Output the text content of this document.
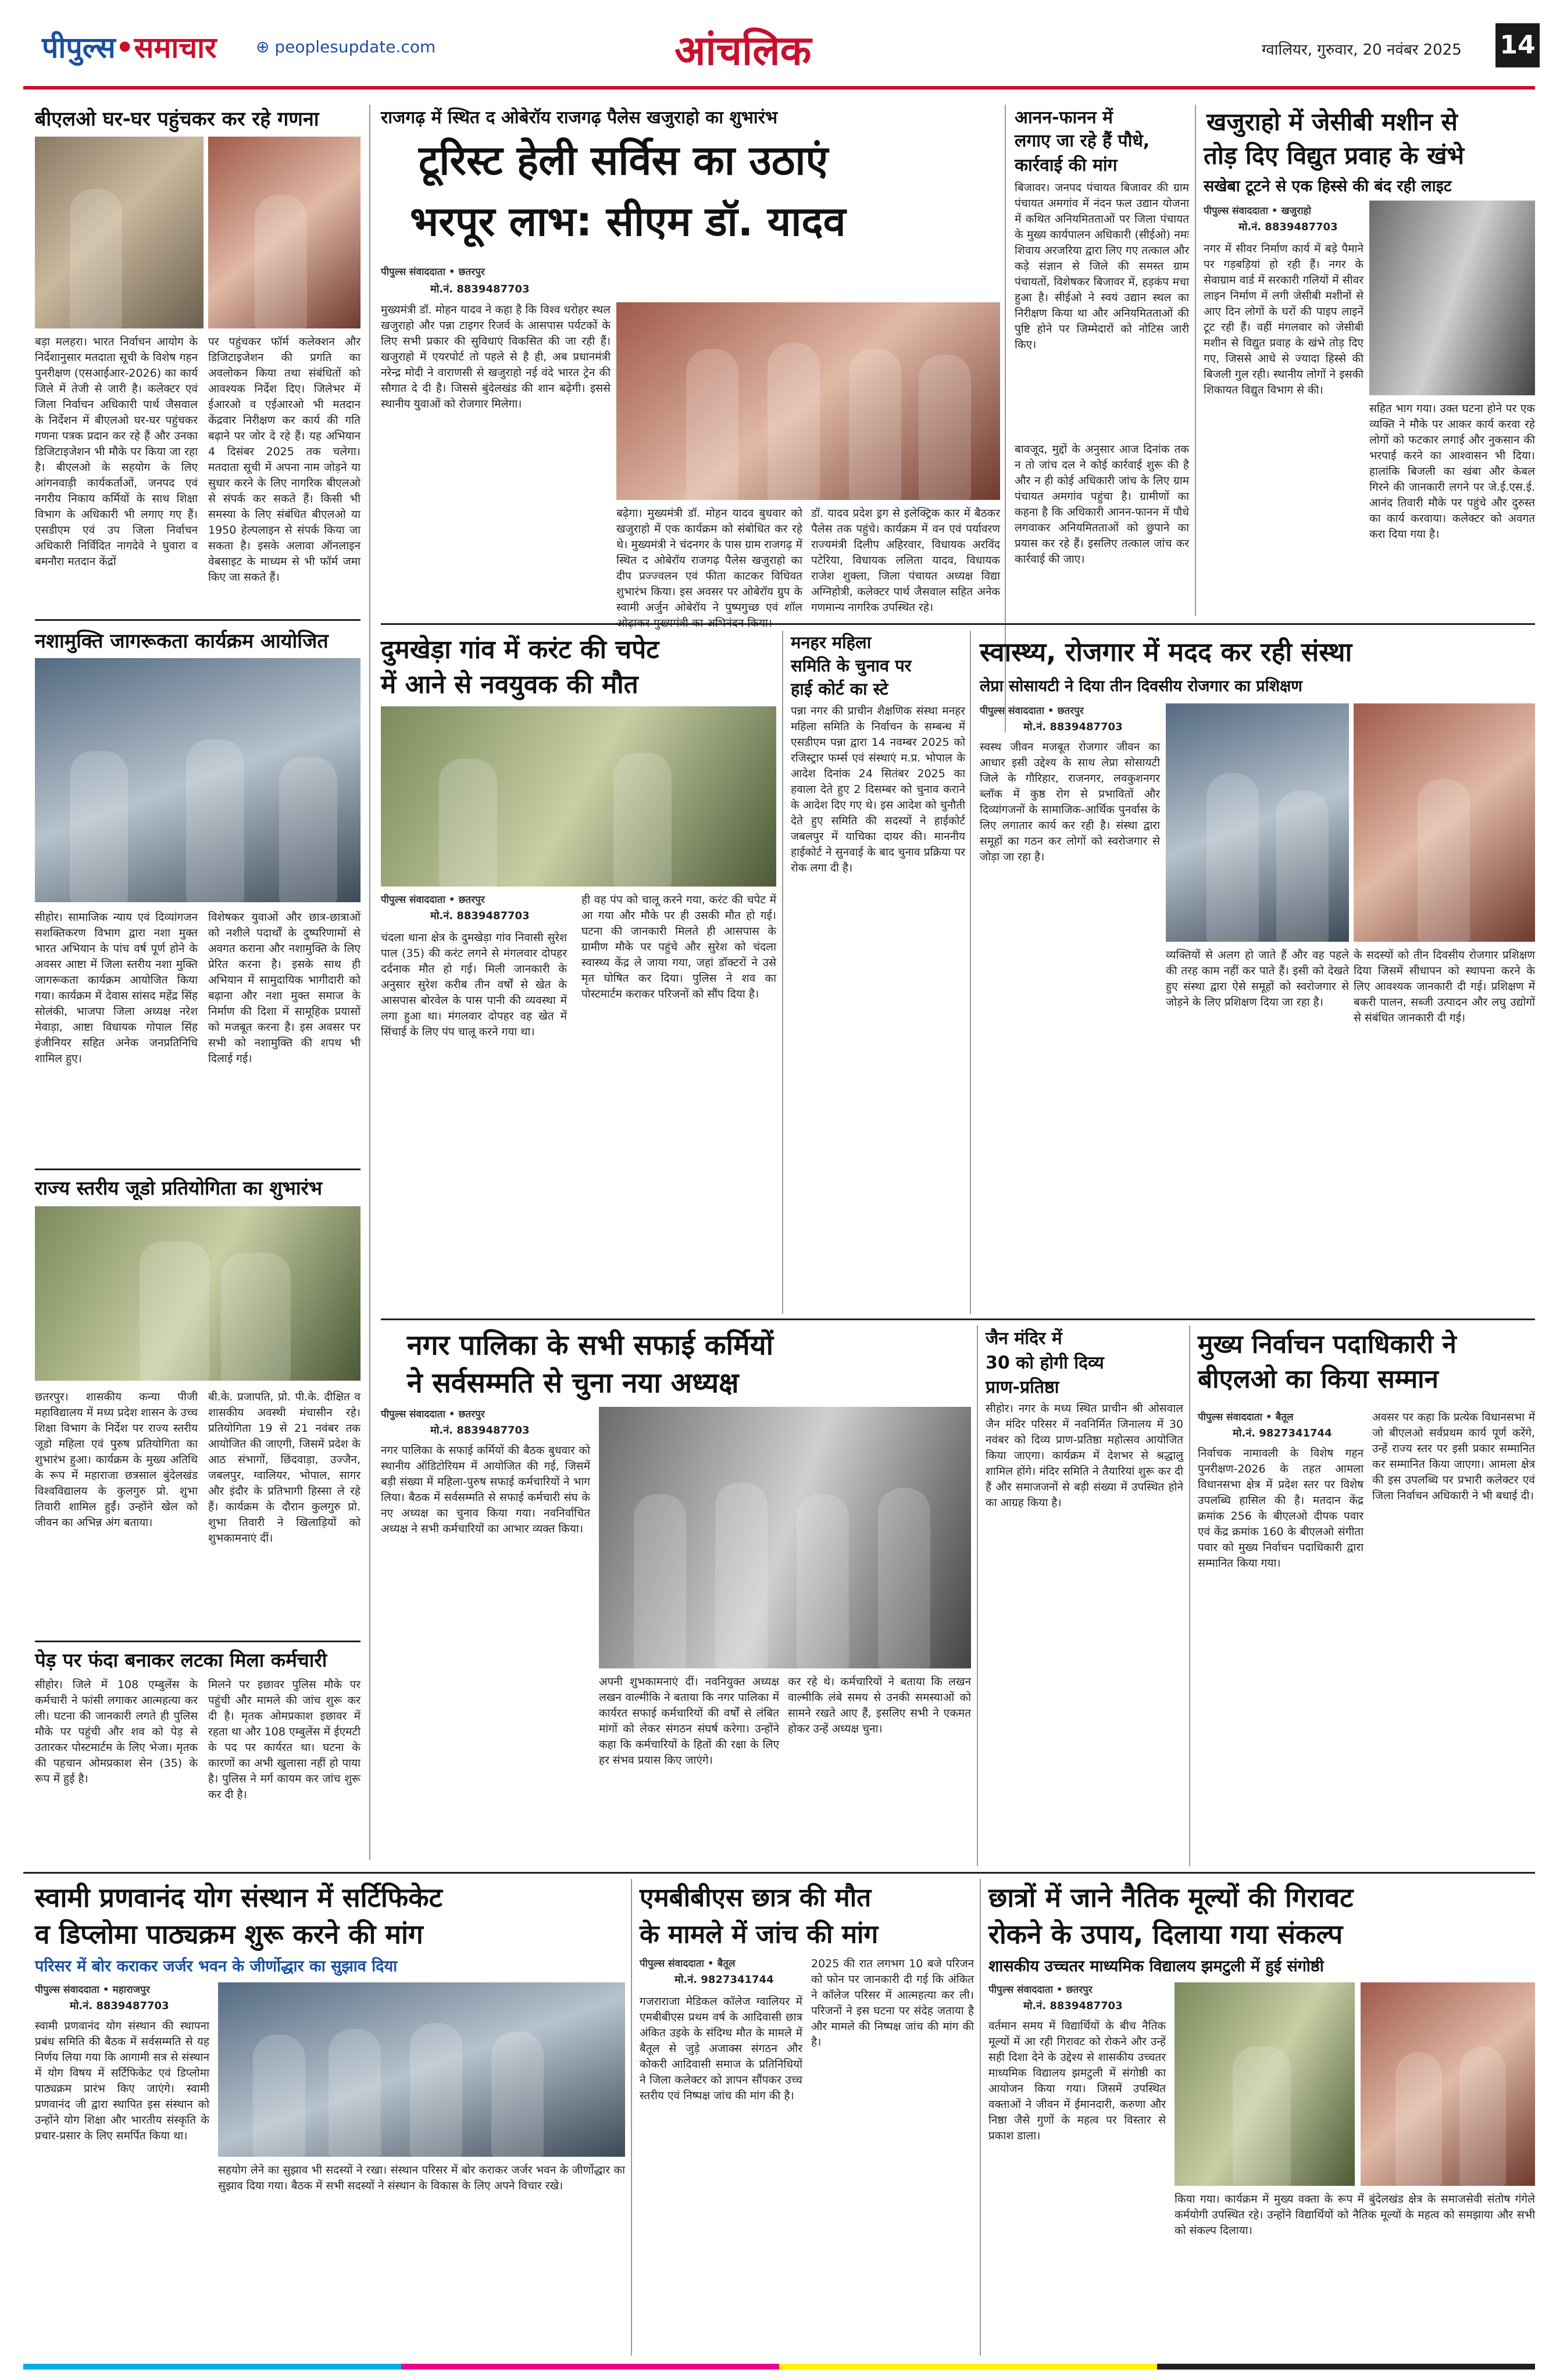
पीपुल्स•समाचार ⊕ peoplesupdate.com	आंचलिक	ग्वालियर, गुरुवार, 20 नवंबर 2025 14
बीएलओ घर-घर पहुंचकर कर रहे गणना
बड़ा मलहरा। भारत निर्वाचन आयोग के निर्देशानुसार मतदाता सूची के विशेष गहन पुनरीक्षण (एसआईआर-2026) का कार्य जिले में तेजी से जारी है। कलेक्टर एवं जिला निर्वाचन अधिकारी पार्थ जैसवाल के निर्देशन में बीएलओ घर-घर पहुंचकर गणना पत्रक प्रदान कर रहे हैं और उनका डिजिटाइजेशन भी मौके पर किया जा रहा है। बीएलओ के सहयोग के लिए आंगनवाड़ी कार्यकर्ताओं, जनपद एवं नगरीय निकाय कर्मियों के साथ शिक्षा विभाग के अधिकारी भी लगाए गए हैं। एसडीएम एवं उप जिला निर्वाचन अधिकारी निर्विदित नागदेवे ने घुवारा व बमनौरा मतदान केंद्रों
पर पहुंचकर फॉर्म कलेक्शन और डिजिटाइजेशन की प्रगति का अवलोकन किया तथा संबंधितों को आवश्यक निर्देश दिए। जिलेभर में ईआरओ व एईआरओ भी मतदान केंद्रवार निरीक्षण कर कार्य की गति बढ़ाने पर जोर दे रहे हैं। यह अभियान 4 दिसंबर 2025 तक चलेगा। मतदाता सूची में अपना नाम जोड़ने या सुधार करने के लिए नागरिक बीएलओ से संपर्क कर सकते हैं। किसी भी समस्या के लिए संबंधित बीएलओ या 1950 हेल्पलाइन से संपर्क किया जा सकता है। इसके अलावा ऑनलाइन वेबसाइट के माध्यम से भी फॉर्म जमा किए जा सकते हैं।
नशामुक्ति जागरूकता कार्यक्रम आयोजित
सीहोर। सामाजिक न्याय एवं दिव्यांगजन सशक्तिकरण विभाग द्वारा नशा मुक्त भारत अभियान के पांच वर्ष पूर्ण होने के अवसर आष्टा में जिला स्तरीय नशा मुक्ति जागरूकता कार्यक्रम आयोजित किया गया। कार्यक्रम में देवास सांसद महेंद्र सिंह सोलंकी, भाजपा जिला अध्यक्ष नरेश मेवाड़ा, आष्टा विधायक गोपाल सिंह इंजीनियर सहित अनेक जनप्रतिनिधि शामिल हुए।
विशेषकर युवाओं और छात्र-छात्राओं को नशीले पदार्थों के दुष्परिणामों से अवगत कराना और नशामुक्ति के लिए प्रेरित करना है। इसके साथ ही अभियान में सामुदायिक भागीदारी को बढ़ाना और नशा मुक्त समाज के निर्माण की दिशा में सामूहिक प्रयासों को मजबूत करना है। इस अवसर पर सभी को नशामुक्ति की शपथ भी दिलाई गई।
राज्य स्तरीय जूडो प्रतियोगिता का शुभारंभ
छतरपुर। शासकीय कन्या पीजी महाविद्यालय में मध्य प्रदेश शासन के उच्च शिक्षा विभाग के निर्देश पर राज्य स्तरीय जूडो महिला एवं पुरुष प्रतियोगिता का शुभारंभ हुआ। कार्यक्रम के मुख्य अतिथि के रूप में महाराजा छत्रसाल बुंदेलखंड विश्वविद्यालय के कुलगुरु प्रो. शुभा तिवारी शामिल हुईं। उन्होंने खेल को जीवन का अभिन्न अंग बताया।
बी.के. प्रजापति, प्रो. पी.के. दीक्षित व शासकीय अवस्थी मंचासीन रहे। प्रतियोगिता 19 से 21 नवंबर तक आयोजित की जाएगी, जिसमें प्रदेश के आठ संभागों, छिंदवाड़ा, उज्जैन, जबलपुर, ग्वालियर, भोपाल, सागर और इंदौर के प्रतिभागी हिस्सा ले रहे हैं। कार्यक्रम के दौरान कुलगुरु प्रो. शुभा तिवारी ने खिलाड़ियों को शुभकामनाएं दीं।
पेड़ पर फंदा बनाकर लटका मिला कर्मचारी
सीहोर। जिले में 108 एम्बुलेंस के कर्मचारी ने फांसी लगाकर आत्महत्या कर ली। घटना की जानकारी लगते ही पुलिस मौके पर पहुंची और शव को पेड़ से उतारकर पोस्टमार्टम के लिए भेजा। मृतक की पहचान ओमप्रकाश सेन (35) के रूप में हुई है।
मिलने पर इछावर पुलिस मौके पर पहुंची और मामले की जांच शुरू कर दी है। मृतक ओमप्रकाश इछावर में रहता था और 108 एम्बुलेंस में ईएमटी के पद पर कार्यरत था। घटना के कारणों का अभी खुलासा नहीं हो पाया है। पुलिस ने मर्ग कायम कर जांच शुरू कर दी है।
राजगढ़ में स्थित द ओबेरॉय राजगढ़ पैलेस खजुराहो का शुभारंभ
टूरिस्ट हेली सर्विस का उठाएं
भरपूर लाभ: सीएम डॉ. यादव
पीपुल्स संवाददाता • छतरपुर
मो.नं. 8839487703
मुख्यमंत्री डॉ. मोहन यादव ने कहा है कि विश्व धरोहर स्थल खजुराहो और पन्ना टाइगर रिजर्व के आसपास पर्यटकों के लिए सभी प्रकार की सुविधाएं विकसित की जा रही हैं। खजुराहो में एयरपोर्ट तो पहले से है ही, अब प्रधानमंत्री नरेन्द्र मोदी ने वाराणसी से खजुराहो नई वंदे भारत ट्रेन की सौगात दे दी है। जिससे बुंदेलखंड की शान बढ़ेगी। इससे स्थानीय युवाओं को रोजगार मिलेगा।
बढ़ेगा। मुख्यमंत्री डॉ. मोहन यादव बुधवार को खजुराहो में एक कार्यक्रम को संबोधित कर रहे थे। मुख्यमंत्री ने चंदनगर के पास ग्राम राजगढ़ में स्थित द ओबेरॉय राजगढ़ पैलेस खजुराहो का दीप प्रज्ज्वलन एवं फीता काटकर विधिवत शुभारंभ किया। इस अवसर पर ओबेरॉय ग्रुप के स्वामी अर्जुन ओबेरॉय ने पुष्पगुच्छ एवं शॉल
डॉ. यादव प्रदेश ड्रग से इलेक्ट्रिक कार में बैठकर पैलेस तक पहुंचे। कार्यक्रम में वन एवं पर्यावरण राज्यमंत्री दिलीप अहिरवार, विधायक अरविंद पटेरिया, विधायक ललिता यादव, विधायक राजेश शुक्ला, जिला पंचायत अध्यक्ष विद्या अग्निहोत्री, कलेक्टर पार्थ जैसवाल सहित अनेक गणमान्य नागरिक उपस्थित रहे।
आनन-फानन में
लगाए जा रहे हैं पौधे,
कार्रवाई की मांग
बिजावर। जनपद पंचायत बिजावर की ग्राम पंचायत अमगांव में नंदन फल उद्यान योजना में कथित अनियमितताओं पर जिला पंचायत के मुख्य कार्यपालन अधिकारी (सीईओ) नमः शिवाय अरजरिया द्वारा लिए गए तत्काल और कड़े संज्ञान से जिले की समस्त ग्राम पंचायतों, विशेषकर बिजावर में, हड़कंप मचा हुआ है। सीईओ ने स्वयं उद्यान स्थल का निरीक्षण किया था और अनियमितताओं की पुष्टि होने पर जिम्मेदारों को नोटिस जारी किए।
बावजूद, मुद्दों के अनुसार आज दिनांक तक न तो जांच दल ने कोई कार्रवाई शुरू की है और न ही कोई अधिकारी जांच के लिए ग्राम पंचायत अमगांव पहुंचा है। ग्रामीणों का कहना है कि अधिकारी आनन-फानन में पौधे लगवाकर अनियमितताओं को छुपाने का प्रयास कर रहे हैं। इसलिए तत्काल जांच कर कार्रवाई की जाए।
खजुराहो में जेसीबी मशीन से
तोड़ दिए विद्युत प्रवाह के खंभे
सखेबा टूटने से एक हिस्से की बंद रही लाइट
पीपुल्स संवाददाता • खजुराहो
मो.नं. 8839487703
नगर में सीवर निर्माण कार्य में बड़े पैमाने पर गड़बड़ियां हो रही हैं। नगर के सेवाग्राम वार्ड में सरकारी गलियों में सीवर लाइन निर्माण में लगी जेसीबी मशीनों से आए दिन लोगों के घरों की पाइप लाइनें टूट रही हैं। वहीं मंगलवार को जेसीबी मशीन से विद्युत प्रवाह के खंभे तोड़ दिए गए, जिससे आधे से ज्यादा हिस्से की बिजली गुल रही। स्थानीय लोगों ने इसकी शिकायत विद्युत विभाग से की।
सहित भाग गया। उक्त घटना होने पर एक व्यक्ति ने मौके पर आकर कार्य करवा रहे लोगों को फटकार लगाई और नुकसान की भरपाई करने का आश्वासन भी दिया। हालांकि बिजली का खंबा और केबल गिरने की जानकारी लगने पर जे.ई.एस.ई. आनंद तिवारी मौके पर पहुंचे और दुरुस्त का कार्य करवाया। कलेक्टर को अवगत करा दिया गया है।
दुमखेड़ा गांव में करंट की चपेट
में आने से नवयुवक की मौत
पीपुल्स संवाददाता • छतरपुर
मो.नं. 8839487703
चंदला थाना क्षेत्र के दुमखेड़ा गांव निवासी सुरेश पाल (35) की करंट लगने से मंगलवार दोपहर दर्दनाक मौत हो गई। मिली जानकारी के अनुसार सुरेश करीब तीन वर्षों से खेत के आसपास बोरवेल के पास पानी की व्यवस्था में लगा हुआ था। मंगलवार दोपहर वह खेत में सिंचाई के लिए पंप चालू करने गया था।
ही वह पंप को चालू करने गया, करंट की चपेट में आ गया और मौके पर ही उसकी मौत हो गई। घटना की जानकारी मिलते ही आसपास के ग्रामीण मौके पर पहुंचे और सुरेश को चंदला स्वास्थ्य केंद्र ले जाया गया, जहां डॉक्टरों ने उसे मृत घोषित कर दिया। पुलिस ने शव का पोस्टमार्टम कराकर परिजनों को सौंप दिया है।
मनहर महिला
समिति के चुनाव पर
हाई कोर्ट का स्टे
पन्ना नगर की प्राचीन शैक्षणिक संस्था मनहर महिला समिति के निर्वाचन के सम्बन्ध में एसडीएम पन्ना द्वारा 14 नवम्बर 2025 को रजिस्ट्रार फर्म्स एवं संस्थाएं म.प्र. भोपाल के आदेश दिनांक 24 सितंबर 2025 का हवाला देते हुए 2 दिसम्बर को चुनाव कराने के आदेश दिए गए थे। इस आदेश को चुनौती देते हुए समिति की सदस्यों ने हाईकोर्ट जबलपुर में याचिका दायर की। माननीय हाईकोर्ट ने सुनवाई के बाद चुनाव प्रक्रिया पर रोक लगा दी है।
स्वास्थ्य, रोजगार में मदद कर रही संस्था
लेप्रा सोसायटी ने दिया तीन दिवसीय रोजगार का प्रशिक्षण
पीपुल्स संवाददाता • छतरपुर
मो.नं. 8839487703
स्वस्थ जीवन मजबूत रोजगार जीवन का आधार इसी उद्देश्य के साथ लेप्रा सोसायटी जिले के गौरिहार, राजनगर, लवकुशनगर ब्लॉक में कुष्ठ रोग से प्रभावितों और दिव्यांगजनों के सामाजिक-आर्थिक पुनर्वास के लिए लगातार कार्य कर रही है। संस्था द्वारा समूहों का गठन कर लोगों को स्वरोजगार से जोड़ा जा रहा है।
व्यक्तियों से अलग हो जाते हैं और वह पहले की तरह काम नहीं कर पाते हैं। इसी को देखते हुए संस्था द्वारा ऐसे समूहों को स्वरोजगार से जोड़ने के लिए प्रशिक्षण दिया जा रहा है।
के सदस्यों को तीन दिवसीय रोजगार प्रशिक्षण दिया जिसमें सीधापन को स्थापना करने के लिए आवश्यक जानकारी दी गई। प्रशिक्षण में बकरी पालन, सब्जी उत्पादन और लघु उद्योगों से संबंधित जानकारी दी गई।
नगर पालिका के सभी सफाई कर्मियों
ने सर्वसम्मति से चुना नया अध्यक्ष
पीपुल्स संवाददाता • छतरपुर
मो.नं. 8839487703
नगर पालिका के सफाई कर्मियों की बैठक बुधवार को स्थानीय ऑडिटोरियम में आयोजित की गई, जिसमें बड़ी संख्या में महिला-पुरुष सफाई कर्मचारियों ने भाग लिया। बैठक में सर्वसम्मति से सफाई कर्मचारी संघ के नए अध्यक्ष का चुनाव किया गया। नवनिर्वाचित अध्यक्ष ने सभी कर्मचारियों का आभार व्यक्त किया।
अपनी शुभकामनाएं दीं। नवनियुक्त अध्यक्ष लखन वाल्मीकि ने बताया कि नगर पालिका में कार्यरत सफाई कर्मचारियों की वर्षों से लंबित मांगों को लेकर संगठन संघर्ष करेगा। उन्होंने कहा कि कर्मचारियों के हितों की रक्षा के लिए हर संभव प्रयास किए जाएंगे।
कर रहे थे। कर्मचारियों ने बताया कि लखन वाल्मीकि लंबे समय से उनकी समस्याओं को सामने रखते आए हैं, इसलिए सभी ने एकमत होकर उन्हें अध्यक्ष चुना।
जैन मंदिर में
30 को होगी दिव्य
प्राण-प्रतिष्ठा
सीहोर। नगर के मध्य स्थित प्राचीन श्री ओसवाल जैन मंदिर परिसर में नवनिर्मित जिनालय में 30 नवंबर को दिव्य प्राण-प्रतिष्ठा महोत्सव आयोजित किया जाएगा। कार्यक्रम में देशभर से श्रद्धालु शामिल होंगे। मंदिर समिति ने तैयारियां शुरू कर दी हैं और समाजजनों से बड़ी संख्या में उपस्थित होने का आग्रह किया है।
मुख्य निर्वाचन पदाधिकारी ने
बीएलओ का किया सम्मान
पीपुल्स संवाददाता • बैतूल
मो.नं. 9827341744
निर्वाचक नामावली के विशेष गहन पुनरीक्षण-2026 के तहत आमला विधानसभा क्षेत्र में प्रदेश स्तर पर विशेष उपलब्धि हासिल की है। मतदान केंद्र क्रमांक 256 के बीएलओ दीपक पवार एवं केंद्र क्रमांक 160 के बीएलओ संगीता पवार को मुख्य निर्वाचन पदाधिकारी द्वारा सम्मानित किया गया।
अवसर पर कहा कि प्रत्येक विधानसभा में जो बीएलओ सर्वप्रथम कार्य पूर्ण करेंगे, उन्हें राज्य स्तर पर इसी प्रकार सम्मानित कर सम्मानित किया जाएगा। आमला क्षेत्र की इस उपलब्धि पर प्रभारी कलेक्टर एवं जिला निर्वाचन अधिकारी ने भी बधाई दी।
स्वामी प्रणवानंद योग संस्थान में सर्टिफिकेट
व डिप्लोमा पाठ्यक्रम शुरू करने की मांग
परिसर में बोर कराकर जर्जर भवन के जीर्णोद्धार का सुझाव दिया
पीपुल्स संवाददाता • महाराजपुर
मो.नं. 8839487703
स्वामी प्रणवानंद योग संस्थान की स्थापना प्रबंध समिति की बैठक में सर्वसम्मति से यह निर्णय लिया गया कि आगामी सत्र से संस्थान में योग विषय में सर्टिफिकेट एवं डिप्लोमा पाठ्यक्रम प्रारंभ किए जाएंगे। स्वामी प्रणवानंद जी द्वारा स्थापित इस संस्थान को उन्होंने योग शिक्षा और भारतीय संस्कृति के प्रचार-प्रसार के लिए समर्पित किया था।
सहयोग लेने का सुझाव भी सदस्यों ने रखा। संस्थान परिसर में बोर कराकर जर्जर भवन के जीर्णोद्धार का सुझाव दिया गया। बैठक में सभी सदस्यों ने संस्थान के विकास के लिए अपने विचार रखे।
एमबीबीएस छात्र की मौत
के मामले में जांच की मांग
पीपुल्स संवाददाता • बैतूल
मो.नं. 9827341744
गजराराजा मेडिकल कॉलेज ग्वालियर में एमबीबीएस प्रथम वर्ष के आदिवासी छात्र अंकित उइके के संदिग्ध मौत के मामले में बैतूल से जुड़े अजाक्स संगठन और कोकरी आदिवासी समाज के प्रतिनिधियों ने जिला कलेक्टर को ज्ञापन सौंपकर उच्च स्तरीय एवं निष्पक्ष जांच की मांग की है।
2025 की रात लगभग 10 बजे परिजन को फोन पर जानकारी दी गई कि अंकित ने कॉलेज परिसर में आत्महत्या कर ली। परिजनों ने इस घटना पर संदेह जताया है और मामले की निष्पक्ष जांच की मांग की है।
छात्रों में जाने नैतिक मूल्यों की गिरावट
रोकने के उपाय, दिलाया गया संकल्प
शासकीय उच्चतर माध्यमिक विद्यालय झमटुली में हुई संगोष्ठी
पीपुल्स संवाददाता • छतरपुर
मो.नं. 8839487703
वर्तमान समय में विद्यार्थियों के बीच नैतिक मूल्यों में आ रही गिरावट को रोकने और उन्हें सही दिशा देने के उद्देश्य से शासकीय उच्चतर माध्यमिक विद्यालय झमटुली में संगोष्ठी का आयोजन किया गया। जिसमें उपस्थित वक्ताओं ने जीवन में ईमानदारी, करुणा और निष्ठा जैसे गुणों के महत्व पर विस्तार से प्रकाश डाला।
किया गया। कार्यक्रम में मुख्य वक्ता के रूप में बुंदेलखंड क्षेत्र के समाजसेवी संतोष गंगेले कर्मयोगी उपस्थित रहे। उन्होंने विद्यार्थियों को नैतिक मूल्यों के महत्व को समझाया और सभी को संकल्प दिलाया।
